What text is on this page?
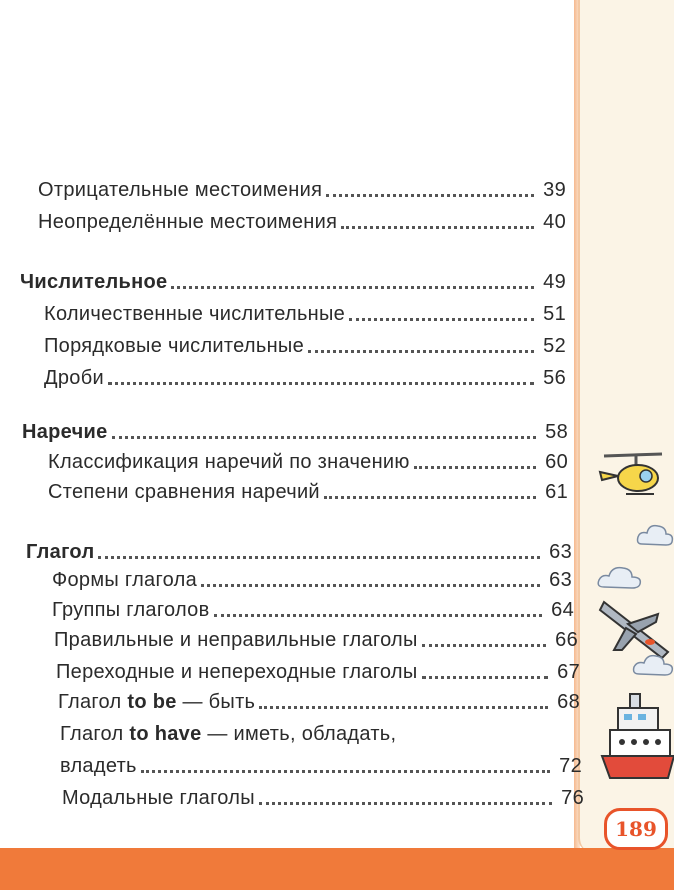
Отрицательные местоимения	39
Неопределённые местоимения	40
Числительное	49
Количественные числительные	51
Порядковые числительные	52
Дроби	56
Наречие	58
Классификация наречий по значению	60
Степени сравнения наречий	61
Глагол	63
Формы глагола	63
Группы глаголов	64
Правильные и неправильные глаголы	66
Переходные и непереходные глаголы	67
Глагол to be — быть	68
Глагол to have — иметь, обладать,
владеть	72
Модальные глаголы	76
189
